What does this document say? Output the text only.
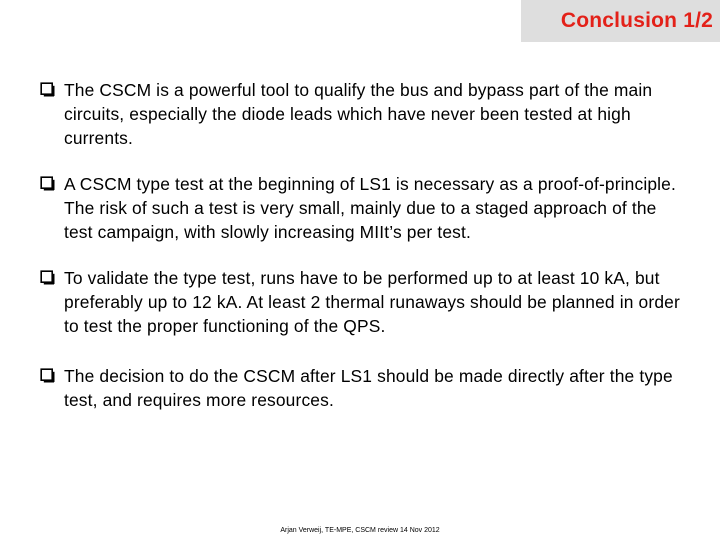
Conclusion 1/2
The CSCM is a powerful tool to qualify the bus and bypass part of the main circuits, especially the diode leads which have never been tested at high currents.
A CSCM type test at the beginning of LS1 is necessary as a proof-of-principle. The risk of such a test is very small, mainly due to a staged approach of the test campaign, with slowly increasing MIIt’s per test.
To validate the type test, runs have to be performed up to at least 10 kA, but preferably up to 12 kA. At least 2 thermal runaways should be planned in order to test the proper functioning of the QPS.
The decision to do the CSCM after LS1 should be made directly after the type test, and requires more resources.
Arjan Verweij, TE-MPE, CSCM review 14 Nov 2012
